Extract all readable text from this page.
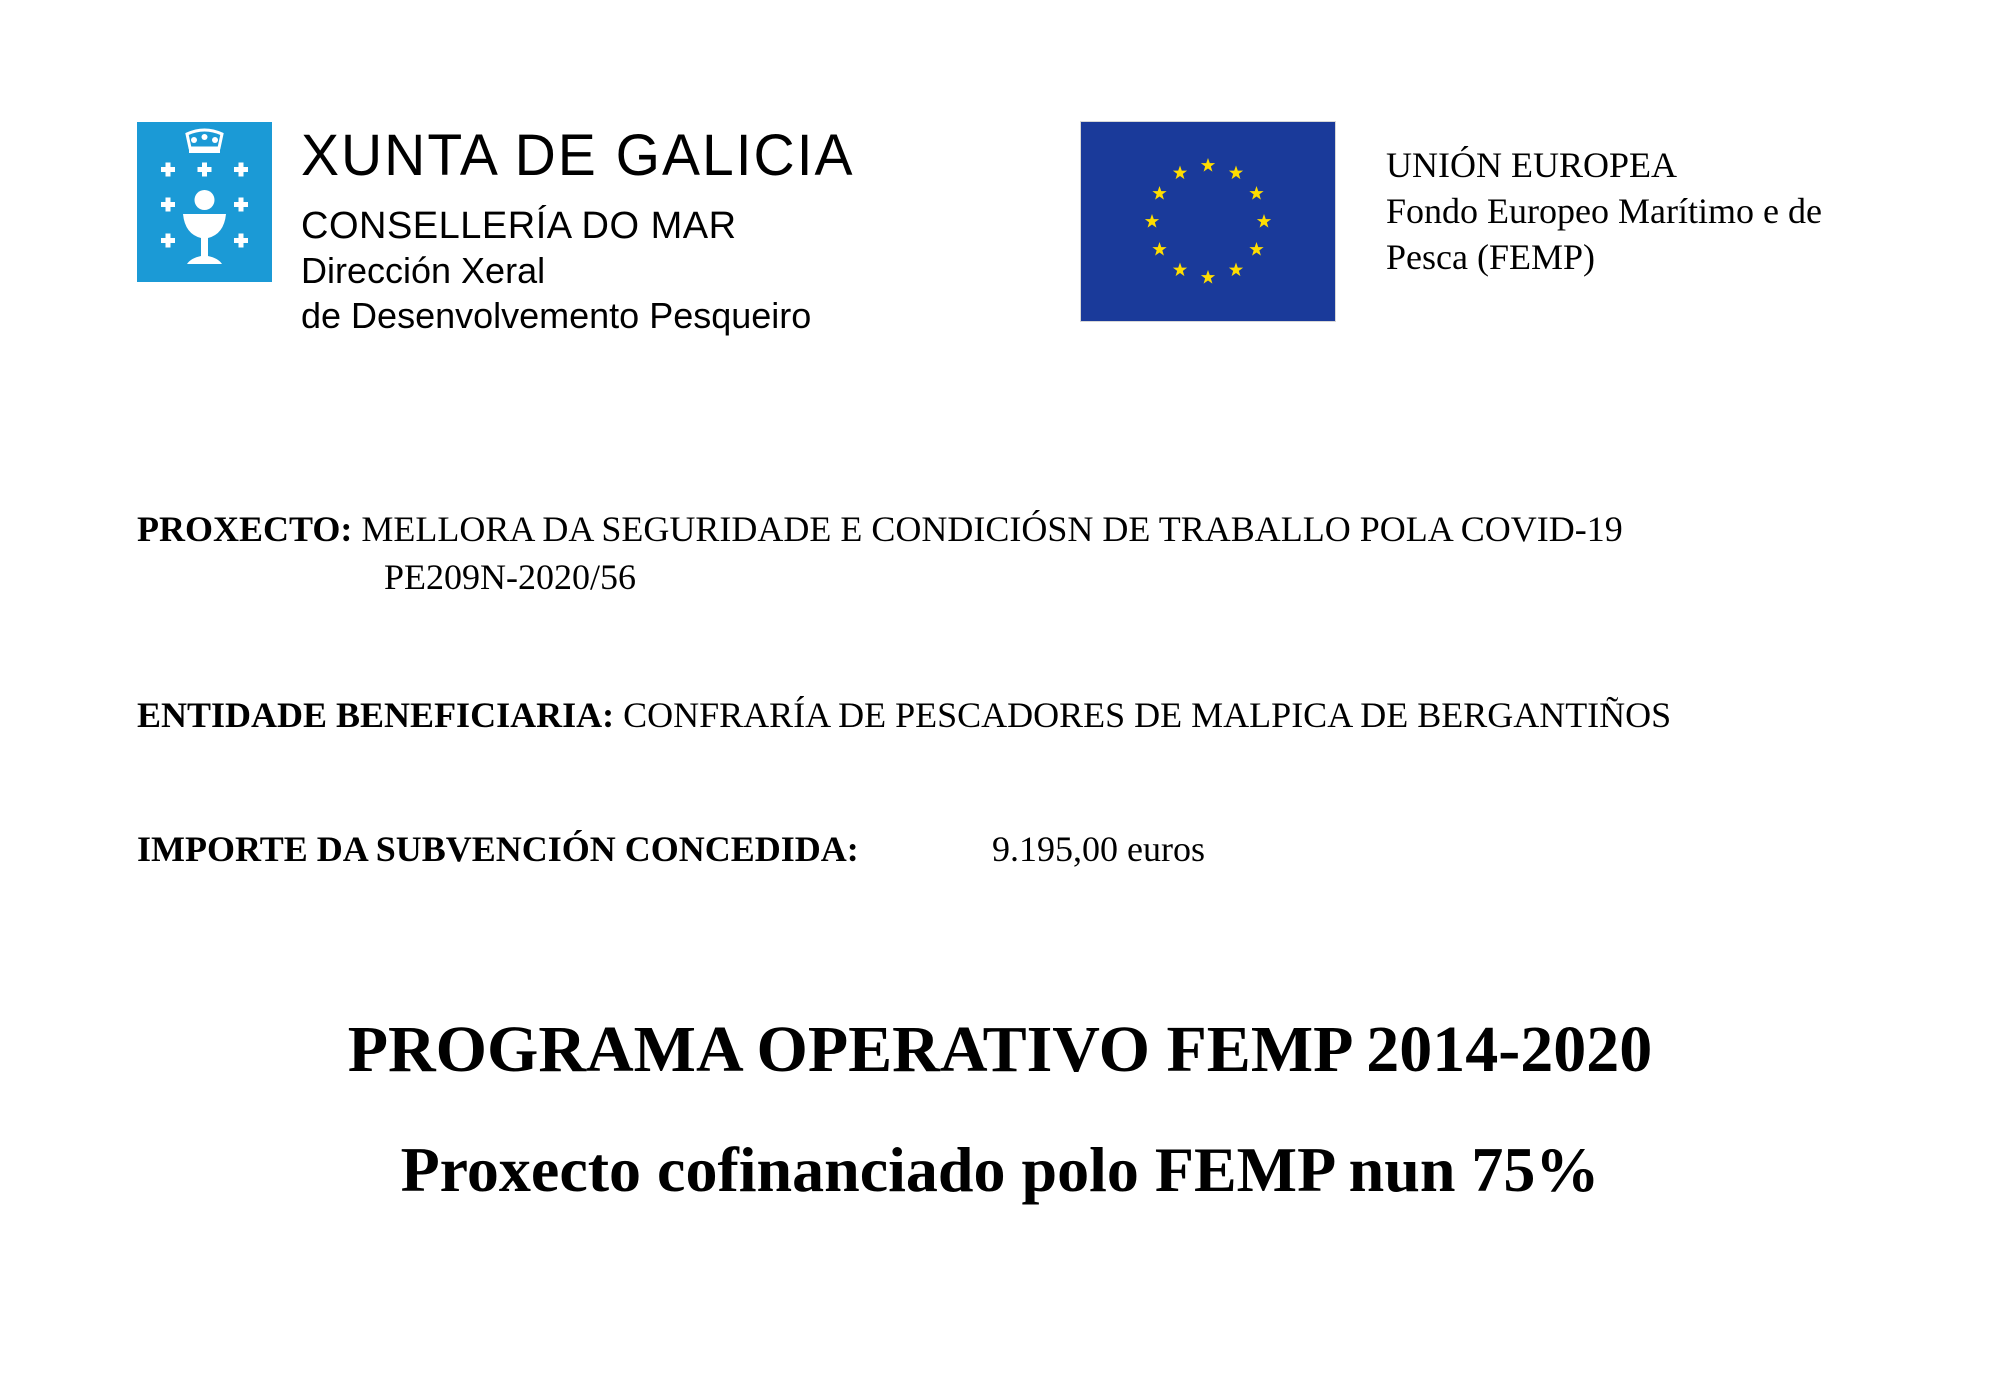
XUNTA DE GALICIA
CONSELLERÍA DO MAR
Dirección Xeral
de Desenvolvemento Pesqueiro
UNIÓN EUROPEA
Fondo Europeo Marítimo e de
Pesca (FEMP)
PROXECTO: MELLORA DA SEGURIDADE E CONDICIÓSN DE TRABALLO POLA COVID-19
PE209N-2020/56
ENTIDADE BENEFICIARIA: CONFRARÍA DE PESCADORES DE MALPICA DE BERGANTIÑOS
IMPORTE DA SUBVENCIÓN CONCEDIDA:	9.195,00 euros
PROGRAMA OPERATIVO FEMP 2014-2020
Proxecto cofinanciado polo FEMP nun 75%
